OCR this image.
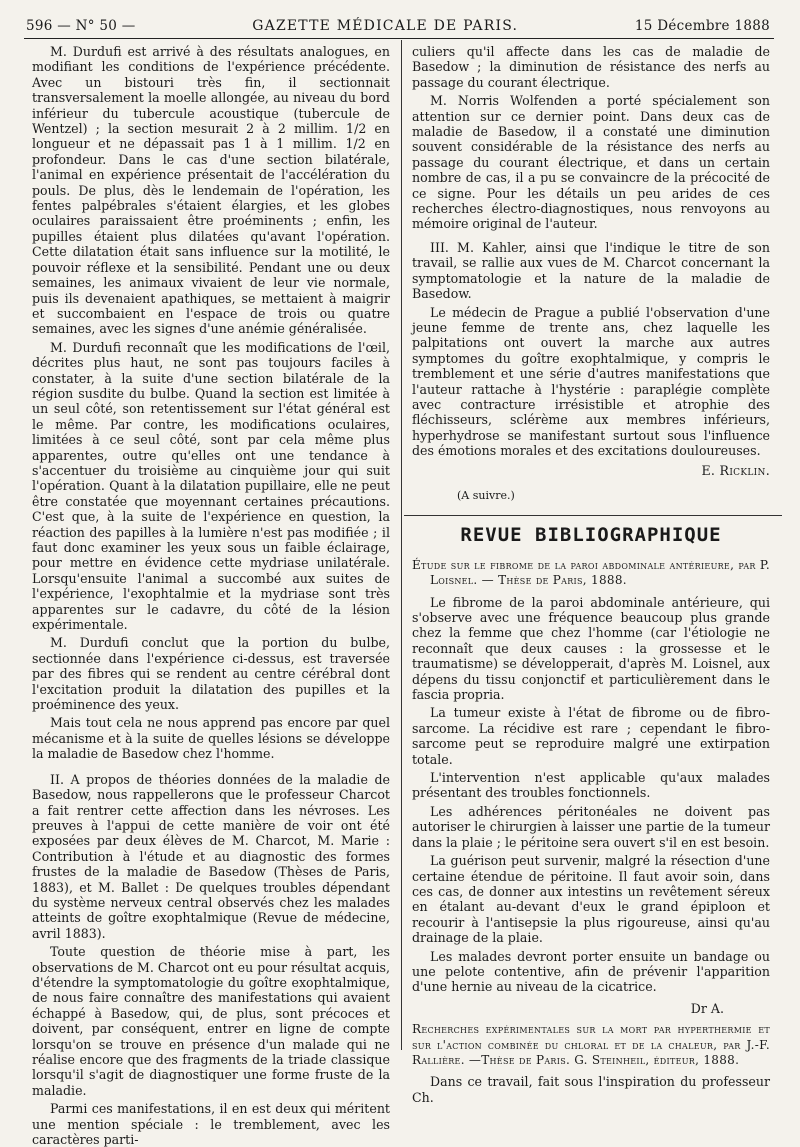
596 — N° 50 —	GAZETTE MÉDICALE DE PARIS.	15 Décembre 1888

M. Durdufi est arrivé à des résultats analogues, en modifiant les conditions de l'expérience précédente. Avec un bistouri très fin, il sectionnait transversalement la moelle allongée, au niveau du bord inférieur du tubercule acoustique (tubercule de Wentzel) ; la section mesurait 2 à 2 millim. 1/2 en longueur et ne dépassait pas 1 à 1 millim. 1/2 en profondeur. Dans le cas d'une section bilatérale, l'animal en expérience présentait de l'accélération du pouls. De plus, dès le lendemain de l'opération, les fentes palpébrales s'étaient élargies, et les globes oculaires paraissaient être proéminents ; enfin, les pupilles étaient plus dilatées qu'avant l'opération. Cette dilatation était sans influence sur la motilité, le pouvoir réflexe et la sensibilité. Pendant une ou deux semaines, les animaux vivaient de leur vie normale, puis ils devenaient apathiques, se mettaient à maigrir et succombaient en l'espace de trois ou quatre semaines, avec les signes d'une anémie généralisée.

M. Durdufi reconnaît que les modifications de l'œil, décrites plus haut, ne sont pas toujours faciles à constater, à la suite d'une section bilatérale de la région susdite du bulbe. Quand la section est limitée à un seul côté, son retentissement sur l'état général est le même. Par contre, les modifications oculaires, limitées à ce seul côté, sont par cela même plus apparentes, outre qu'elles ont une tendance à s'accentuer du troisième au cinquième jour qui suit l'opération. Quant à la dilatation pupillaire, elle ne peut être constatée que moyennant certaines précautions. C'est que, à la suite de l'expérience en question, la réaction des papilles à la lumière n'est pas modifiée ; il faut donc examiner les yeux sous un faible éclairage, pour mettre en évidence cette mydriase unilatérale. Lorsqu'ensuite l'animal a succombé aux suites de l'expérience, l'exophtalmie et la mydriase sont très apparentes sur le cadavre, du côté de la lésion expérimentale.

M. Durdufi conclut que la portion du bulbe, sectionnée dans l'expérience ci-dessus, est traversée par des fibres qui se rendent au centre cérébral dont l'excitation produit la dilatation des pupilles et la proéminence des yeux.

Mais tout cela ne nous apprend pas encore par quel mécanisme et à la suite de quelles lésions se développe la maladie de Basedow chez l'homme.

II. A propos de théories données de la maladie de Basedow, nous rappellerons que le professeur Charcot a fait rentrer cette affection dans les névroses. Les preuves à l'appui de cette manière de voir ont été exposées par deux élèves de M. Charcot, M. Marie : Contribution à l'étude et au diagnostic des formes frustes de la maladie de Basedow (Thèses de Paris, 1883), et M. Ballet : De quelques troubles dépendant du système nerveux central observés chez les malades atteints de goître exophtalmique (Revue de médecine, avril 1883).

Toute question de théorie mise à part, les observations de M. Charcot ont eu pour résultat acquis, d'étendre la symptomatologie du goître exophtalmique, de nous faire connaître des manifestations qui avaient échappé à Basedow, qui, de plus, sont précoces et doivent, par conséquent, entrer en ligne de compte lorsqu'on se trouve en présence d'un malade qui ne réalise encore que des fragments de la triade classique lorsqu'il s'agit de diagnostiquer une forme fruste de la maladie.

Parmi ces manifestations, il en est deux qui méritent une mention spéciale : le tremblement, avec les caractères parti-

culiers qu'il affecte dans les cas de maladie de Basedow ; la diminution de résistance des nerfs au passage du courant électrique.

M. Norris Wolfenden a porté spécialement son attention sur ce dernier point. Dans deux cas de maladie de Basedow, il a constaté une diminution souvent considérable de la résistance des nerfs au passage du courant électrique, et dans un certain nombre de cas, il a pu se convaincre de la précocité de ce signe. Pour les détails un peu arides de ces recherches électro-diagnostiques, nous renvoyons au mémoire original de l'auteur.

III. M. Kahler, ainsi que l'indique le titre de son travail, se rallie aux vues de M. Charcot concernant la symptomatologie et la nature de la maladie de Basedow.

Le médecin de Prague a publié l'observation d'une jeune femme de trente ans, chez laquelle les palpitations ont ouvert la marche aux autres symptomes du goître exophtalmique, y compris le tremblement et une série d'autres manifestations que l'auteur rattache à l'hystérie : paraplégie complète avec contracture irrésistible et atrophie des fléchisseurs, sclérème aux membres inférieurs, hyperhydrose se manifestant surtout sous l'influence des émotions morales et des excitations douloureuses.

E. Ricklin.
(A suivre.)
REVUE BIBLIOGRAPHIQUE

Étude sur le fibrome de la paroi abdominale antérieure, par P. Loisnel. — Thèse de Paris, 1888.

Le fibrome de la paroi abdominale antérieure, qui s'observe avec une fréquence beaucoup plus grande chez la femme que chez l'homme (car l'étiologie ne reconnaît que deux causes : la grossesse et le traumatisme) se développerait, d'après M. Loisnel, aux dépens du tissu conjonctif et particulièrement dans le fascia propria.

La tumeur existe à l'état de fibrome ou de fibro-sarcome. La récidive est rare ; cependant le fibro-sarcome peut se reproduire malgré une extirpation totale.

L'intervention n'est applicable qu'aux malades présentant des troubles fonctionnels.

Les adhérences péritonéales ne doivent pas autoriser le chirurgien à laisser une partie de la tumeur dans la plaie ; le péritoine sera ouvert s'il en est besoin.

La guérison peut survenir, malgré la résection d'une certaine étendue de péritoine. Il faut avoir soin, dans ces cas, de donner aux intestins un revêtement séreux en étalant au-devant d'eux le grand épiploon et recourir à l'antisepsie la plus rigoureuse, ainsi qu'au drainage de la plaie.

Les malades devront porter ensuite un bandage ou une pelote contentive, afin de prévenir l'apparition d'une hernie au niveau de la cicatrice.

Dr A.

Recherches expérimentales sur la mort par hyperthermie et sur l'action combinée du chloral et de la chaleur, par J.-F. Rallière. —Thèse de Paris. G. Steinheil, éditeur, 1888.

Dans ce travail, fait sous l'inspiration du professeur Ch.
